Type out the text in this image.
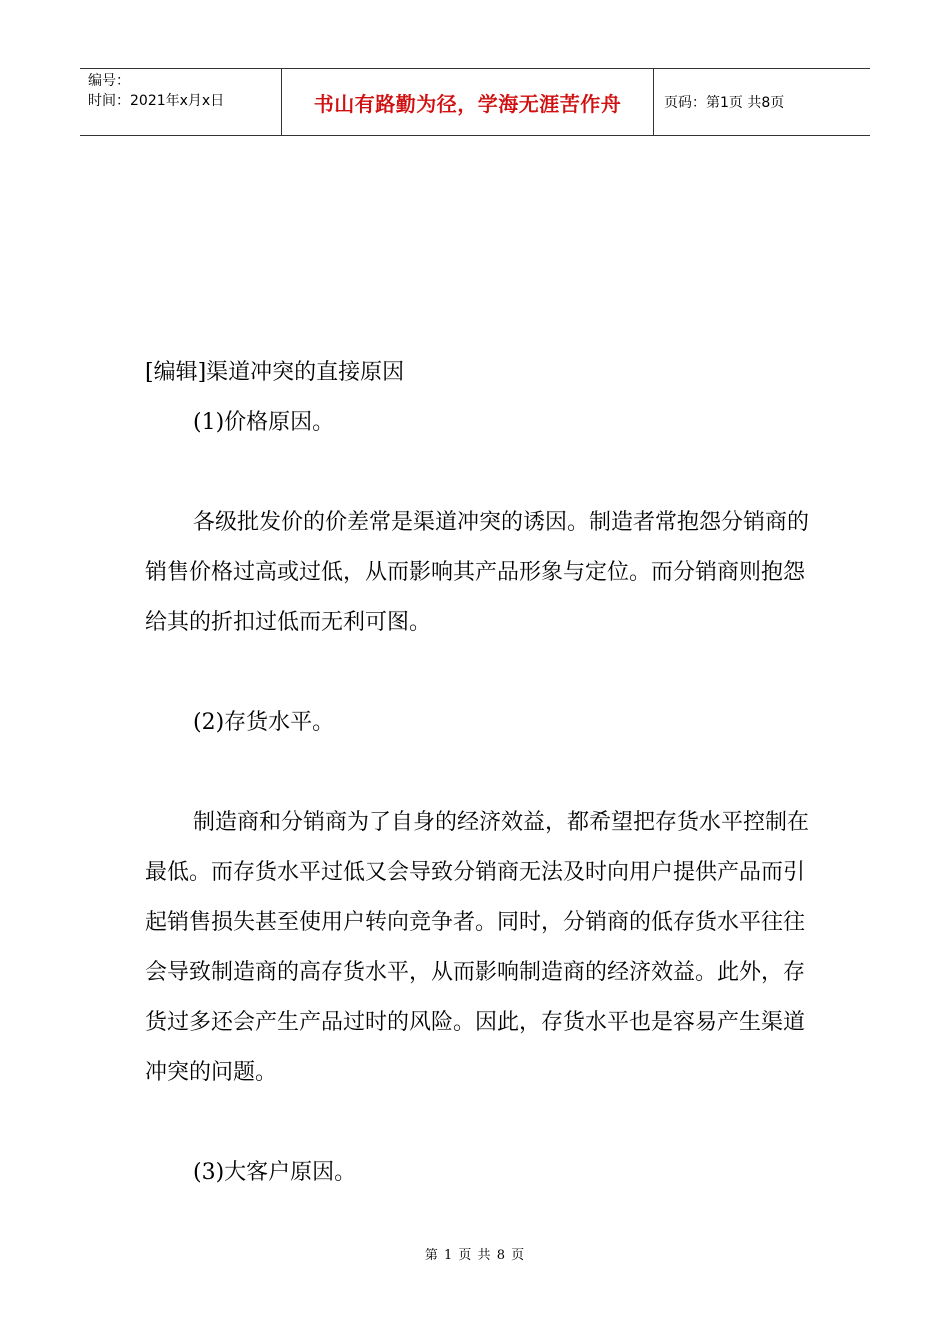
编号：
时间：2021年x月x日	书山有路勤为径，学海无涯苦作舟	页码：第1页 共8页

[编辑]渠道冲突的直接原因

(1)价格原因。

各级批发价的价差常是渠道冲突的诱因。制造者常抱怨分销商的销售价格过高或过低，从而影响其产品形象与定位。而分销商则抱怨给其的折扣过低而无利可图。

(2)存货水平。

制造商和分销商为了自身的经济效益，都希望把存货水平控制在最低。而存货水平过低又会导致分销商无法及时向用户提供产品而引起销售损失甚至使用户转向竞争者。同时，分销商的低存货水平往往会导致制造商的高存货水平，从而影响制造商的经济效益。此外，存货过多还会产生产品过时的风险。因此，存货水平也是容易产生渠道冲突的问题。

(3)大客户原因。

第 1 页 共 8 页
